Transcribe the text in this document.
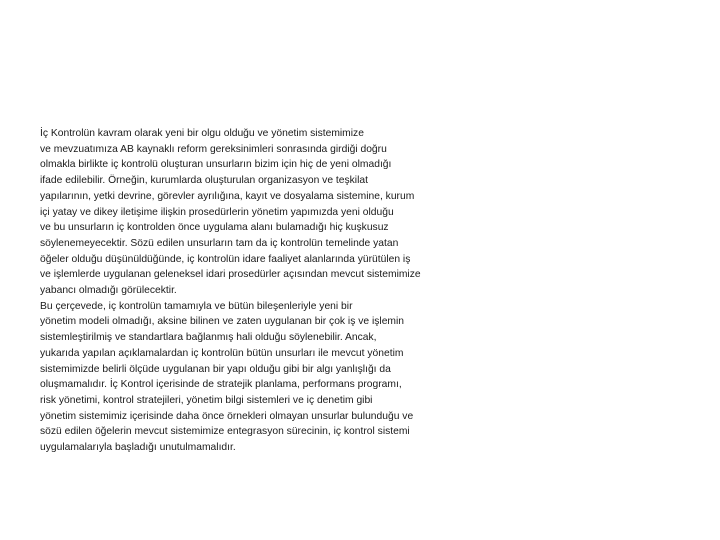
İç Kontrolün kavram olarak yeni bir olgu olduğu ve yönetim sistemimize
ve mevzuatımıza AB kaynaklı reform gereksinimleri sonrasında girdiği doğru
olmakla birlikte iç kontrolü oluşturan unsurların bizim için hiç de yeni olmadığı
ifade edilebilir. Örneğin, kurumlarda oluşturulan organizasyon ve teşkilat
yapılarının, yetki devrine, görevler ayrılığına, kayıt ve dosyalama sistemine, kurum
içi yatay ve dikey iletişime ilişkin prosedürlerin yönetim yapımızda yeni olduğu
ve bu unsurların iç kontrolden önce uygulama alanı bulamadığı hiç kuşkusuz
söylenemeyecektir. Sözü edilen unsurların tam da iç kontrolün temelinde yatan
öğeler olduğu düşünüldüğünde, iç kontrolün idare faaliyet alanlarında yürütülen iş
ve işlemlerde uygulanan geleneksel idari prosedürler açısından mevcut sistemimize
yabancı olmadığı görülecektir.
Bu çerçevede, iç kontrolün tamamıyla ve bütün bileşenleriyle yeni bir
yönetim modeli olmadığı, aksine bilinen ve zaten uygulanan bir çok iş ve işlemin
sistemleştirilmiş ve standartlara bağlanmış hali olduğu söylenebilir. Ancak,
yukarıda yapılan açıklamalardan iç kontrolün bütün unsurları ile mevcut yönetim
sistemimizde belirli ölçüde uygulanan bir yapı olduğu gibi bir algı yanlışlığı da
oluşmamalıdır. İç Kontrol içerisinde de stratejik planlama, performans programı,
risk yönetimi, kontrol stratejileri, yönetim bilgi sistemleri ve iç denetim gibi
yönetim sistemimiz içerisinde daha önce örnekleri olmayan unsurlar bulunduğu ve
sözü edilen öğelerin mevcut sistemimize entegrasyon sürecinin, iç kontrol sistemi
uygulamalarıyla başladığı unutulmamalıdır.
